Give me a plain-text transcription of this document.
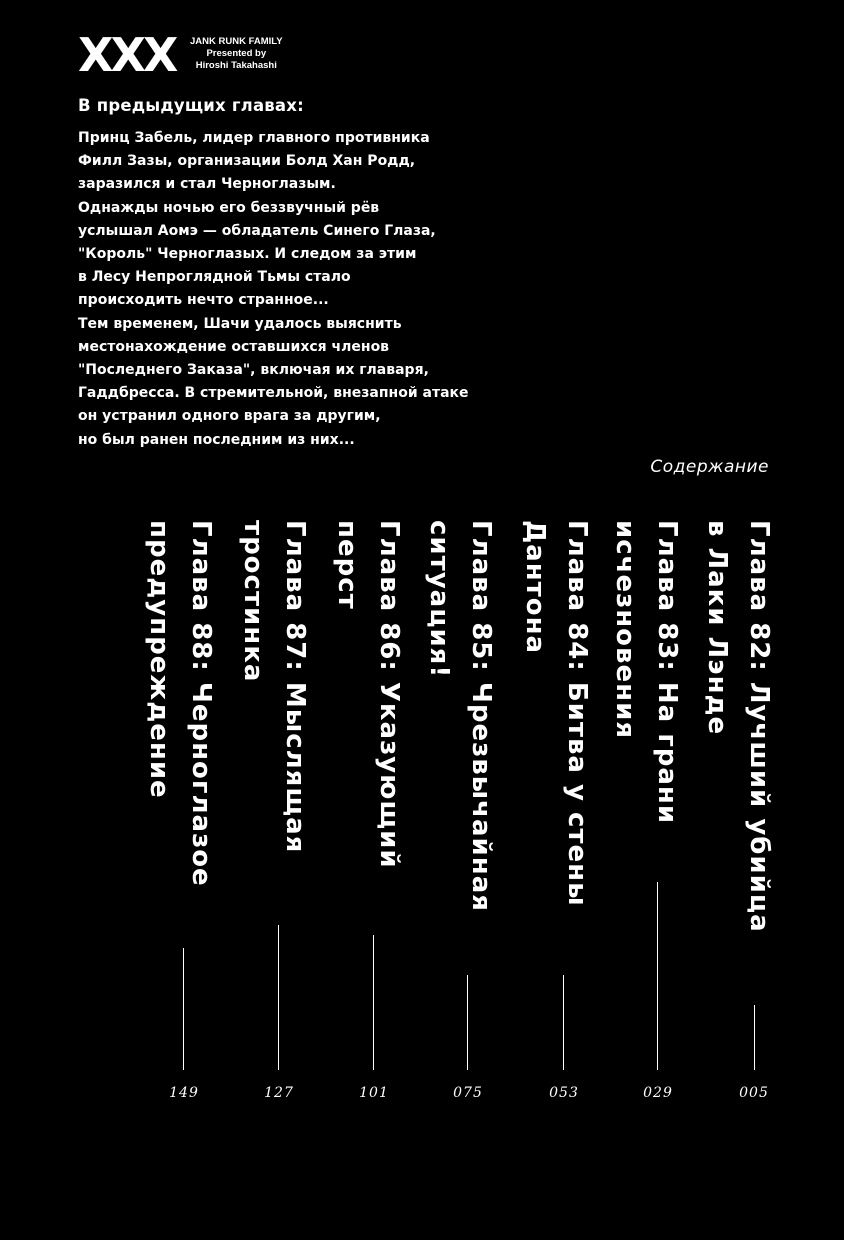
XXX JANK RUNK FAMILY
Presented by
Hiroshi Takahashi
В предыдущих главах:
Принц Забель, лидер главного противника
Филл Зазы, организации Болд Хан Родд,
заразился и стал Черноглазым.
Однажды ночью его беззвучный рёв
услышал Аомэ — обладатель Синего Глаза,
"Король" Черноглазых. И следом за этим
в Лесу Непроглядной Тьмы стало
происходить нечто странное...
Тем временем, Шачи удалось выяснить
местонахождение оставшихся членов
"Последнего Заказа", включая их главаря,
Гаддбресса. В стремительной, внезапной атаке
он устранил одного врага за другим,
но был ранен последним из них...
Содержание
Глава 82: Лучший убийца
в Лаки Лэнде
005
Глава 83: На грани
исчезновения
029
Глава 84: Битва у стены
Дантона
053
Глава 85: Чрезвычайная
ситуация!
075
Глава 86: Указующий
перст
101
Глава 87: Мыслящая
тростинка
127
Глава 88: Черноглазое
предупреждение
149
